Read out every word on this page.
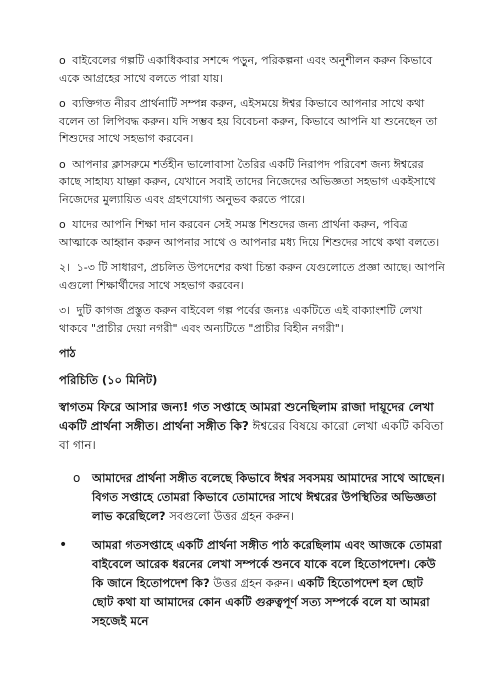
o বাইবেলের গল্পটি একাধিকবার সশব্দে পড়ুন, পরিকল্পনা এবং অনুশীলন করুন কিভাবে একে আগ্রহের সাথে বলতে পারা যায়।

o ব্যক্তিগত নীরব প্রার্থনাটি সম্পন্ন করুন, এইসময়ে ঈশ্বর কিভাবে আপনার সাথে কথা বলেন তা লিপিবদ্ধ করুন। যদি সম্ভব হয় বিবেচনা করুন, কিভাবে আপনি যা শুনেছেন তা শিশুদের সাথে সহভাগ করবেন।

o আপনার ক্লাসরুমে শর্তহীন ভালোবাসা তৈরির একটি নিরাপদ পরিবেশ জন্য ঈশ্বরের কাছে সাহায্য যাচ্ঞা করুন, যেখানে সবাই তাদের নিজেদের অভিজ্ঞতা সহভাগ একইসাথে নিজেদের মুল্যায়িত এবং গ্রহণযোগ্য অনুভব করতে পারে।

o যাদের আপনি শিক্ষা দান করবেন সেই সমস্ত শিশুদের জন্য প্রার্থনা করুন, পবিত্র আত্মাকে আহ্বান করুন আপনার সাথে ও আপনার মধ্য দিয়ে শিশুদের সাথে কথা বলতে।

২। ১-৩ টি সাধারণ, প্রচলিত উপদেশের কথা চিন্তা করুন যেগুলোতে প্রজ্ঞা আছে। আপনি এগুলো শিক্ষার্থীদের সাথে সহভাগ করবেন।

৩। দুটি কাগজ প্রস্তুত করুন বাইবেল গল্প পর্বের জন্যঃ একটিতে এই বাক্যাংশটি লেখা থাকবে "প্রাচীর দেয়া নগরী" এবং অন্যটিতে "প্রাচীর বিহীন নগরী"।

পাঠ

পরিচিতি (১০ মিনিট)

স্বাগতম ফিরে আসার জন্য! গত সপ্তাহে আমরা শুনেছিলাম রাজা দায়ূদের লেখা একটি প্রার্থনা সঙ্গীত। প্রার্থনা সঙ্গীত কি? ঈশ্বরের বিষয়ে কারো লেখা একটি কবিতা বা গান।

o আমাদের প্রার্থনা সঙ্গীত বলেছে কিভাবে ঈশ্বর সবসময় আমাদের সাথে আছেন। বিগত সপ্তাহে তোমরা কিভাবে তোমাদের সাথে ঈশ্বরের উপস্থিতির অভিজ্ঞতা লাভ করেছিলে? সবগুলো উত্তর গ্রহন করুন।
• আমরা গতসপ্তাহে একটি প্রার্থনা সঙ্গীত পাঠ করেছিলাম এবং আজকে তোমরা বাইবেলে আরেক ধরনের লেখা সম্পর্কে শুনবে যাকে বলে হিতোপদেশ। কেউ কি জানে হিতোপদেশ কি? উত্তর গ্রহন করুন। একটি হিতোপদেশ হল ছোট ছোট কথা যা আমাদের কোন একটি গুরুত্বপূর্ণ সত্য সম্পর্কে বলে যা আমরা সহজেই মনে
